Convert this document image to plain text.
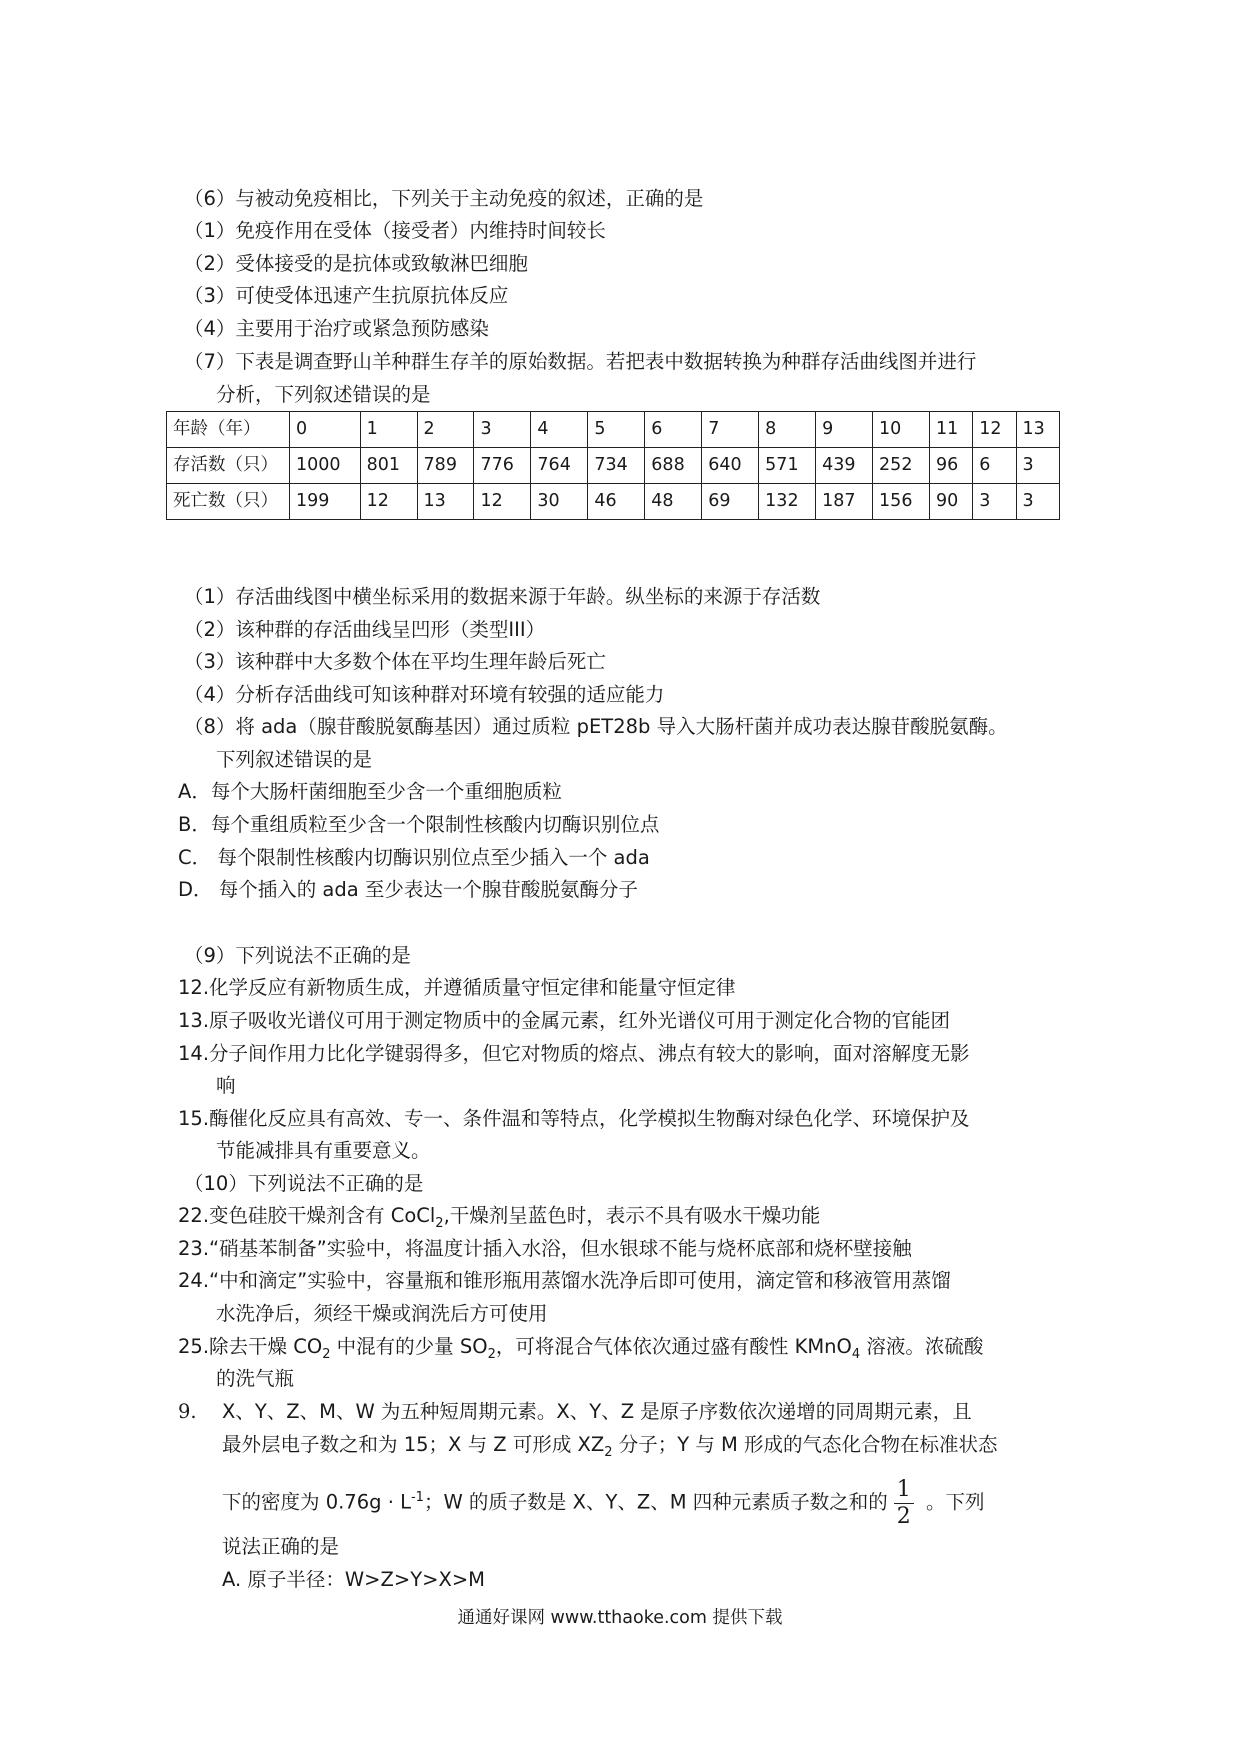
（6）与被动免疫相比，下列关于主动免疫的叙述，正确的是
（1）免疫作用在受体（接受者）内维持时间较长
（2）受体接受的是抗体或致敏淋巴细胞
（3）可使受体迅速产生抗原抗体反应
（4）主要用于治疗或紧急预防感染
（7）下表是调查野山羊种群生存羊的原始数据。若把表中数据转换为种群存活曲线图并进行
分析，下列叙述错误的是
年龄（年）	0	1	2	3	4	5	6	7	8	9	10	11	12	13
存活数（只）	1000	801	789	776	764	734	688	640	571	439	252	96	6	3
死亡数（只）	199	12	13	12	30	46	48	69	132	187	156	90	3	3
（1）存活曲线图中横坐标采用的数据来源于年龄。纵坐标的来源于存活数
（2）该种群的存活曲线呈凹形（类型III）
（3）该种群中大多数个体在平均生理年龄后死亡
（4）分析存活曲线可知该种群对环境有较强的适应能力
（8）将 ada（腺苷酸脱氨酶基因）通过质粒 pET28b 导入大肠杆菌并成功表达腺苷酸脱氨酶。
下列叙述错误的是
A．每个大肠杆菌细胞至少含一个重细胞质粒
B．每个重组质粒至少含一个限制性核酸内切酶识别位点
C． 每个限制性核酸内切酶识别位点至少插入一个 ada
D． 每个插入的 ada 至少表达一个腺苷酸脱氨酶分子
（9）下列说法不正确的是
12.化学反应有新物质生成，并遵循质量守恒定律和能量守恒定律
13.原子吸收光谱仪可用于测定物质中的金属元素，红外光谱仪可用于测定化合物的官能团
14.分子间作用力比化学键弱得多，但它对物质的熔点、沸点有较大的影响，面对溶解度无影
响
15.酶催化反应具有高效、专一、条件温和等特点，化学模拟生物酶对绿色化学、环境保护及
节能减排具有重要意义。
（10）下列说法不正确的是
22.变色硅胶干燥剂含有 CoCl$_2$,干燥剂呈蓝色时，表示不具有吸水干燥功能
23.“硝基苯制备”实验中，将温度计插入水浴，但水银球不能与烧杯底部和烧杯壁接触
24.“中和滴定”实验中，容量瓶和锥形瓶用蒸馏水洗净后即可使用，滴定管和移液管用蒸馏
水洗净后，须经干燥或润洗后方可使用
25.除去干燥 $CO_2$ 中混有的少量 $SO_2$，可将混合气体依次通过盛有酸性 KMnO$_4$ 溶液。浓硫酸
的洗气瓶
9. X、Y、Z、M、W 为五种短周期元素。X、Y、Z 是原子序数依次递增的同周期元素，且
最外层电子数之和为 15；X 与 Z 可形成 $XZ_2$ 分子；Y 与 M 形成的气态化合物在标准状态
下的密度为 $0.76g \cdot L^{-1}$；W 的质子数是 X、Y、Z、M 四种元素质子数之和的 $\frac{1}{2}$ 。下列
说法正确的是
A. 原子半径：W>Z>Y>X>M
通通好课网 www.tthaoke.com 提供下载
